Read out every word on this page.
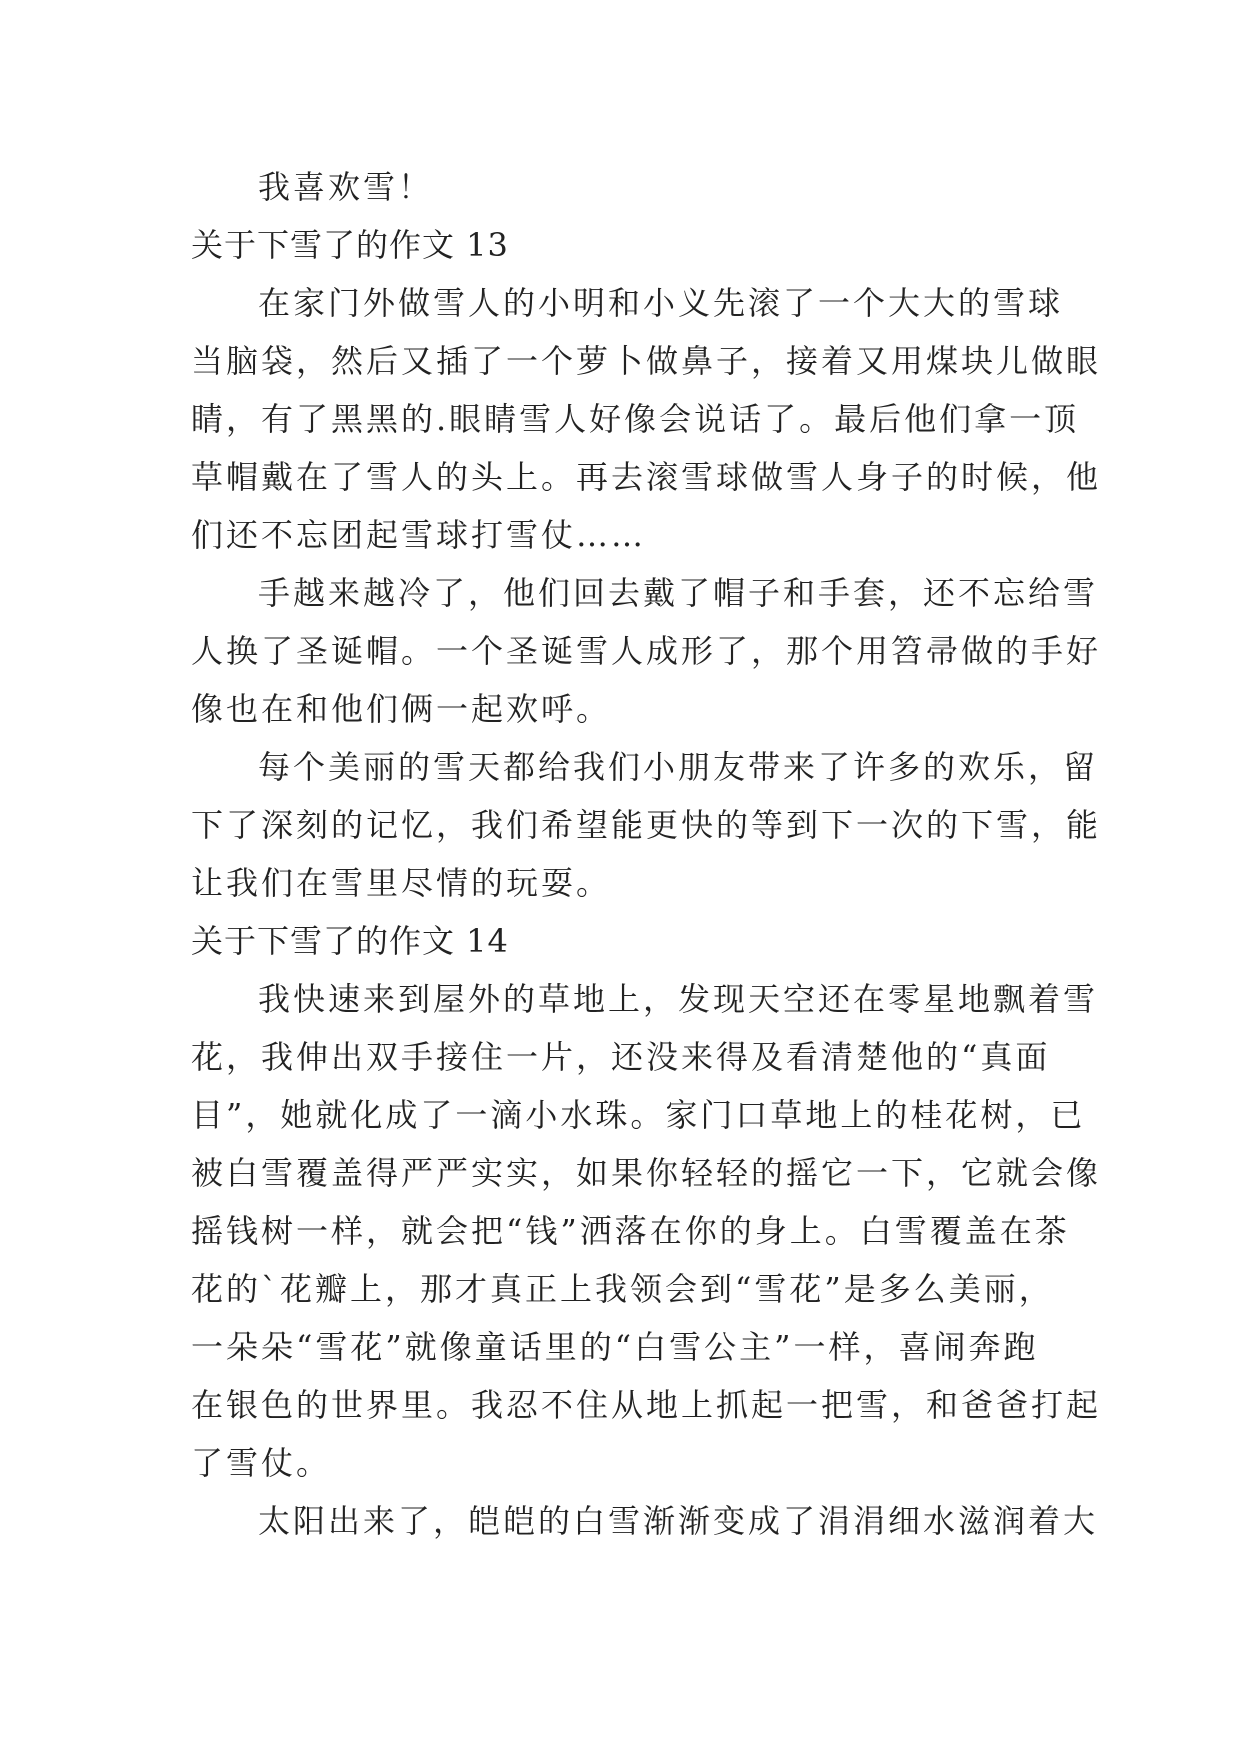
我喜欢雪！

关于下雪了的作文 13

在家门外做雪人的小明和小义先滚了一个大大的雪球

当脑袋，然后又插了一个萝卜做鼻子，接着又用煤块儿做眼

睛，有了黑黑的.眼睛雪人好像会说话了。最后他们拿一顶

草帽戴在了雪人的头上。再去滚雪球做雪人身子的时候，他

们还不忘团起雪球打雪仗……

手越来越冷了，他们回去戴了帽子和手套，还不忘给雪

人换了圣诞帽。一个圣诞雪人成形了，那个用笤帚做的手好

像也在和他们俩一起欢呼。

每个美丽的雪天都给我们小朋友带来了许多的欢乐，留

下了深刻的记忆，我们希望能更快的等到下一次的下雪，能

让我们在雪里尽情的玩耍。

关于下雪了的作文 14

我快速来到屋外的草地上，发现天空还在零星地飘着雪

花，我伸出双手接住一片，还没来得及看清楚他的“真面

目”，她就化成了一滴小水珠。家门口草地上的桂花树，已

被白雪覆盖得严严实实，如果你轻轻的摇它一下，它就会像

摇钱树一样，就会把“钱”洒落在你的身上。白雪覆盖在茶

花的`花瓣上，那才真正上我领会到“雪花”是多么美丽，

一朵朵“雪花”就像童话里的“白雪公主”一样，喜闹奔跑

在银色的世界里。我忍不住从地上抓起一把雪，和爸爸打起

了雪仗。

太阳出来了，皑皑的白雪渐渐变成了涓涓细水滋润着大
